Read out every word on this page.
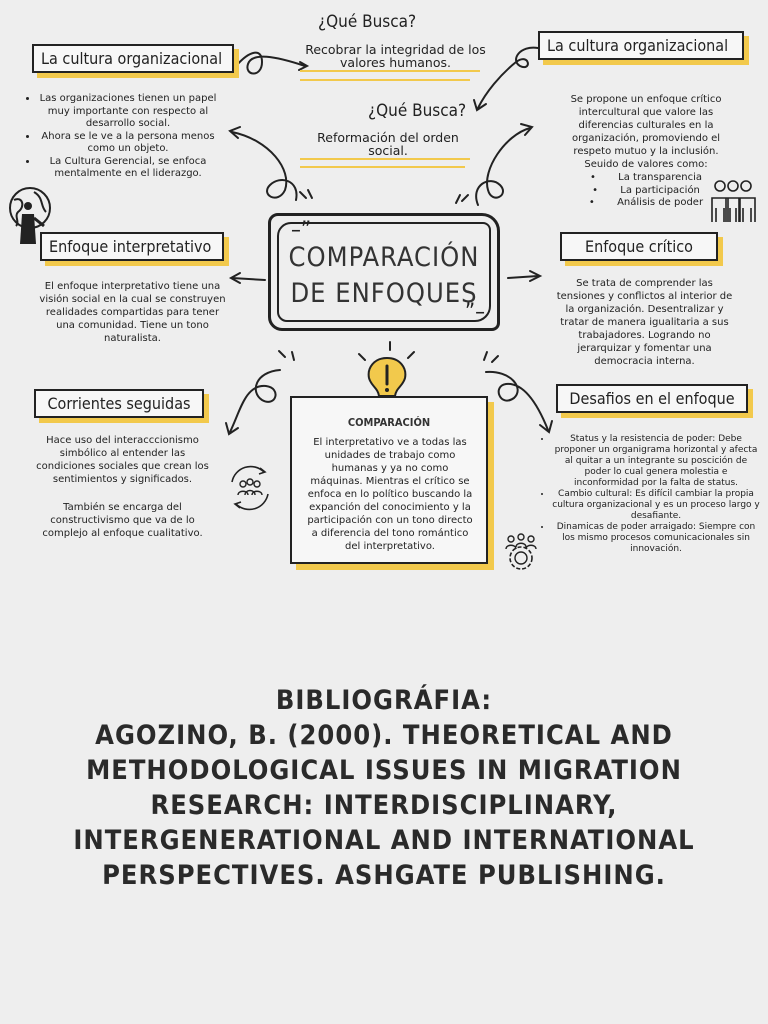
¿Qué Busca?
Recobrar la integridad de los valores humanos.
¿Qué Busca?
Reformación del orden social.
La cultura organizacional
• Las organizaciones tienen un papel muy importante con respecto al desarrollo social.
• Ahora se le ve a la persona menos como un objeto.
• La Cultura Gerencial, se enfoca mentalmente en el liderazgo.
La cultura organizacional
Se propone un enfoque crítico intercultural que valore las diferencias culturales en la organización, promoviendo el respeto mutuo y la inclusión. Seuido de valores como:
•       La transparencia
•       La participación
•       Análisis de poder
–”
”–
COMPARACIÓN
DE ENFOQUES
Enfoque interpretativo
El enfoque interpretativo tiene una visión social en la cual se construyen realidades compartidas para tener una comunidad. Tiene un tono naturalista.
Enfoque crítico
Se trata de comprender las tensiones y conflictos al interior de la organización. Desentralizar y tratar de manera igualitaria a sus trabajadores. Logrando no jerarquizar y fomentar una democracia interna.
COMPARACIÓN
El interpretativo ve a todas las unidades de trabajo como humanas y ya no como máquinas. Mientras el crítico se enfoca en lo político buscando la expanción del conocimiento y la participación con un tono directo a diferencia del tono romántico del interpretativo.
Corrientes seguidas
Hace uso del interacccionismo simbólico al entender las condiciones sociales que crean los sentimientos y significados.
También se encarga del constructivismo que va de lo complejo al enfoque cualitativo.
Desafios en el enfoque
• Status y la resistencia de poder: Debe proponer un organigrama horizontal y afecta al quitar a un integrante su poscición de poder lo cual genera molestia e inconformidad por la falta de status.
• Cambio cultural: Es difícil cambiar la propia cultura organizacional y es un proceso largo y desafiante.
• Dinamicas de poder arraigado: Siempre con los mismo procesos comunicacionales sin innovación.
BIBLIOGRÁFIA:
AGOZINO, B. (2000). THEORETICAL AND METHODOLOGICAL ISSUES IN MIGRATION RESEARCH: INTERDISCIPLINARY, INTERGENERATIONAL AND INTERNATIONAL PERSPECTIVES. ASHGATE PUBLISHING.
